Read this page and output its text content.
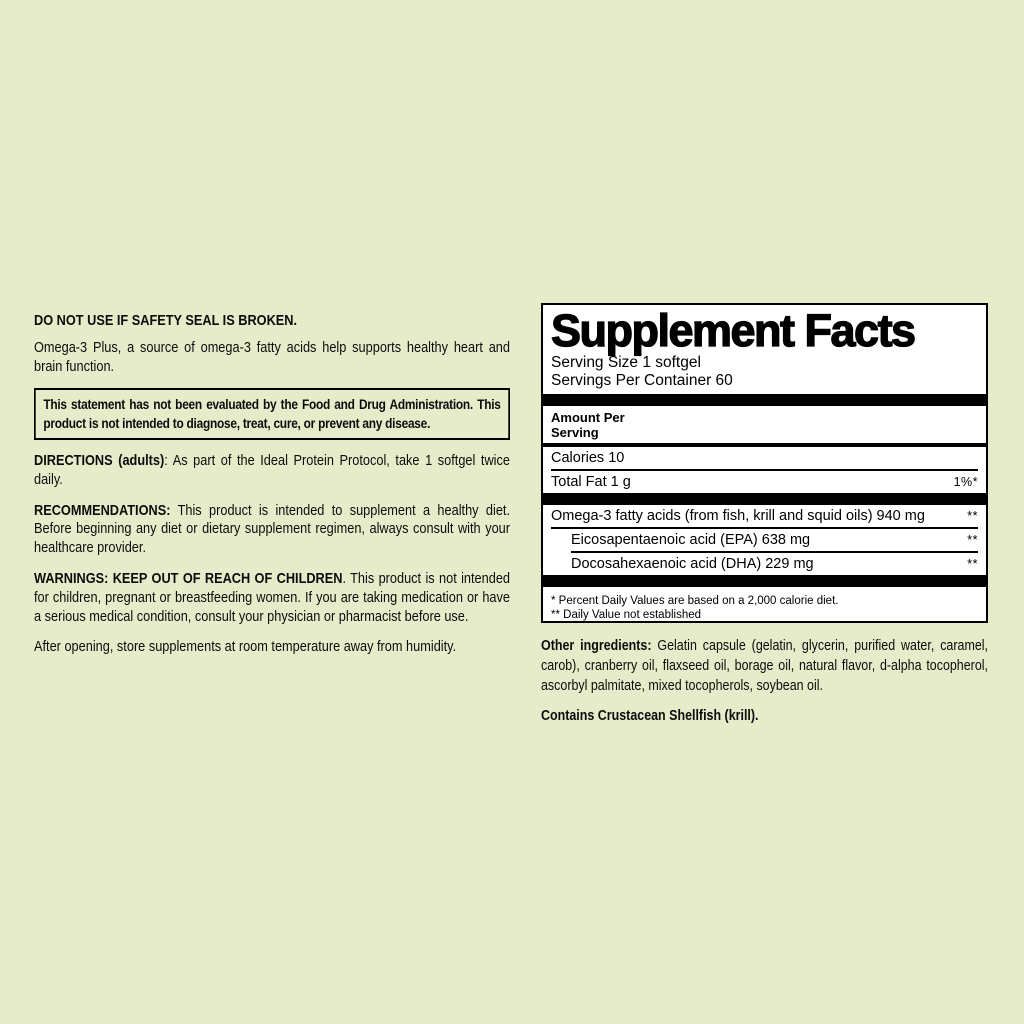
DO NOT USE IF SAFETY SEAL IS BROKEN.

Omega-3 Plus, a source of omega-3 fatty acids help supports healthy heart and brain function.

This statement has not been evaluated by the Food and Drug Administration. This product is not intended to diagnose, treat, cure, or prevent any disease.

DIRECTIONS (adults): As part of the Ideal Protein Protocol, take 1 softgel twice daily.

RECOMMENDATIONS: This product is intended to supplement a healthy diet. Before beginning any diet or dietary supplement regimen, always consult with your healthcare provider.

WARNINGS: KEEP OUT OF REACH OF CHILDREN. This product is not intended for children, pregnant or breastfeeding women. If you are taking medication or have a serious medical condition, consult your physician or pharmacist before use.

After opening, store supplements at room temperature away from humidity.

Supplement Facts
Serving Size 1 softgel
Servings Per Container 60
Amount Per
Serving
Calories 10
Total Fat 1 g	1%*
Omega-3 fatty acids (from fish, krill and squid oils) 940 mg	**
Eicosapentaenoic acid (EPA) 638 mg	**
Docosahexaenoic acid (DHA) 229 mg	**
* Percent Daily Values are based on a 2,000 calorie diet.
** Daily Value not established

Other ingredients: Gelatin capsule (gelatin, glycerin, purified water, caramel, carob), cranberry oil, flaxseed oil, borage oil, natural flavor, d-alpha tocopherol, ascorbyl palmitate, mixed tocopherols, soybean oil.

Contains Crustacean Shellfish (krill).
